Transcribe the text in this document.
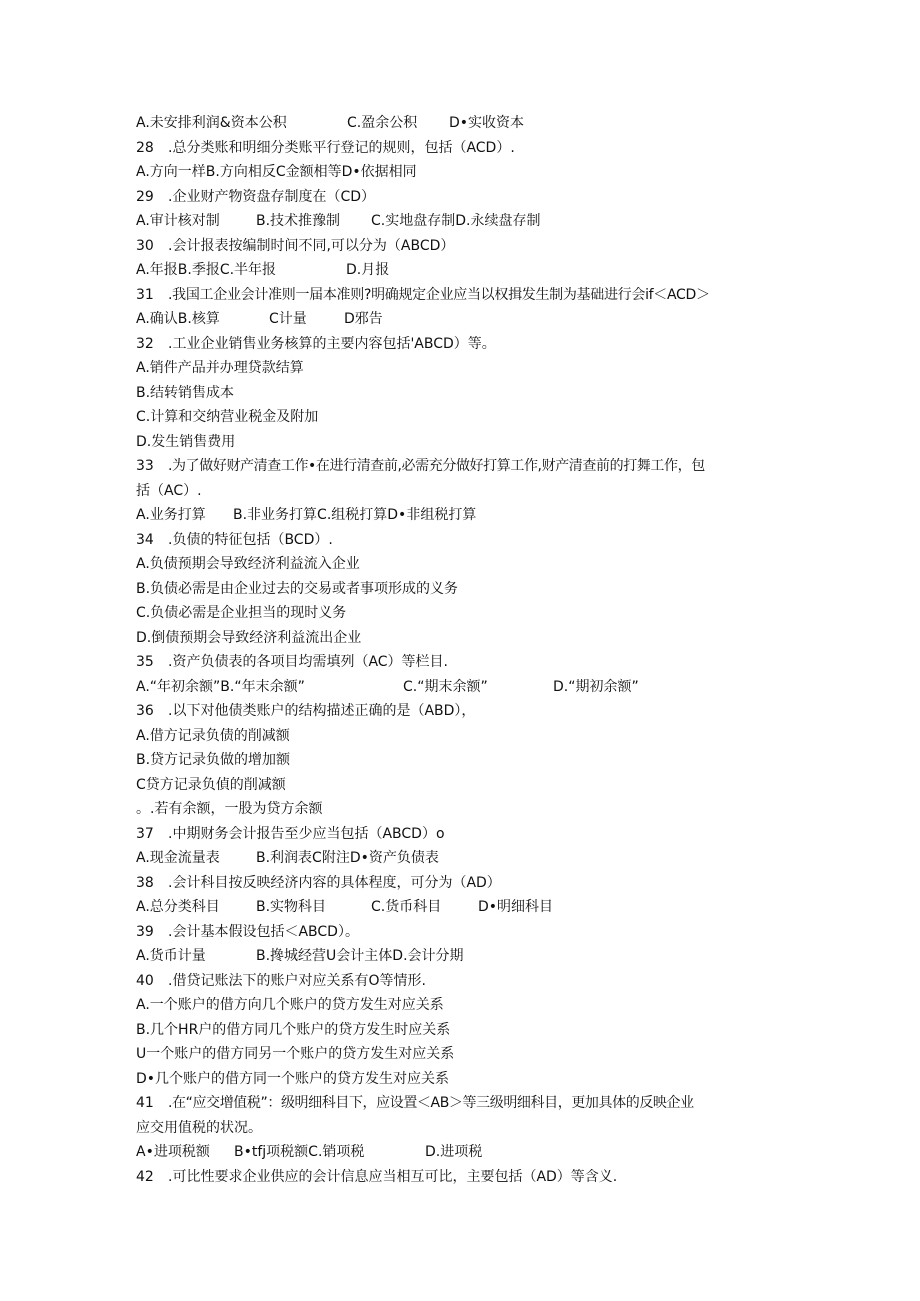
A.未安排利润&资本公积	C.盈余公积 D•实收资本
28 .总分类账和明细分类账平行登记的规则，包括（ACD）.
A.方向一样B.方向相反C金额相等D•依据相同
29 .企业财产物资盘存制度在（CD）
A.审计核对制	B.技术推豫制 C.实地盘存制D.永续盘存制
30 .会计报表按编制时间不同,可以分为（ABCD）
A.年报B.季报C.半年报	D.月报
31 .我国工企业会计准则一届本准则?明确规定企业应当以权揖发生制为基础进行会if＜ACD＞
A.确认B.核算	C计量	D邪告
32 .工业企业销售业务核算的主要内容包括'ABCD）等。
A.销件产品并办理贷款结算
B.结转销售成本
C.计算和交纳营业税金及附加
D.发生销售费用
33 .为了做好财产清查工作•在进行清查前,必需充分做好打算工作,财产清查前的打舞工作，包
括（AC）.
A.业务打算 B.非业务打算C.组税打算D•非组税打算
34 .负债的特征包括（BCD）.
A.负债预期会导致经济利益流入企业
B.负债必需是由企业过去的交易或者事项形成的义务
C.负债必需是企业担当的现时义务
D.倒债预期会导致经济利益流出企业
35 .资产负债表的各项目均需填列（AC）等栏目.
A.“年初余额”B.“年末余额”	C.“期末余额”	D.“期初余额”
36 .以下对他债类账户的结构描述正确的是（ABD），
A.借方记录负债的削减额
B.贷方记录负做的增加额
C贷方记录负偵的削减额
。.若有余额，一股为贷方余额
37 .中期财务会计报告至少应当包括（ABCD）o
A.现金流量表	B.利润表C附注D•资产负债表
38 .会计科目按反映经济内容的具体程度，可分为（AD）
A.总分类科目	B.实物科目	C.货币科目	D•明细科目
39 .会计基本假设包括＜ABCD）。
A.货币计量	B.搀城经营U会计主体D.会计分期
40 .借贷记账法下的账户对应关系有O等情形.
A.一个账户的借方向几个账户的贷方发生对应关系
B.几个HR户的借方同几个账户的贷方发生时应关系
U一个账户的借方同另一个账户的贷方发生对应关系
D•几个账户的借方同一个账户的贷方发生对应关系
41 .在“应交增值税”：级明细科目下，应设置＜AB＞等三级明细科目，更加具体的反映企业
应交用值税的状况。
A•进项税额 B•tfj项税额C.销项税	D.进项税
42 .可比性要求企业供应的会计信息应当相互可比，主要包括（AD）等含义.
